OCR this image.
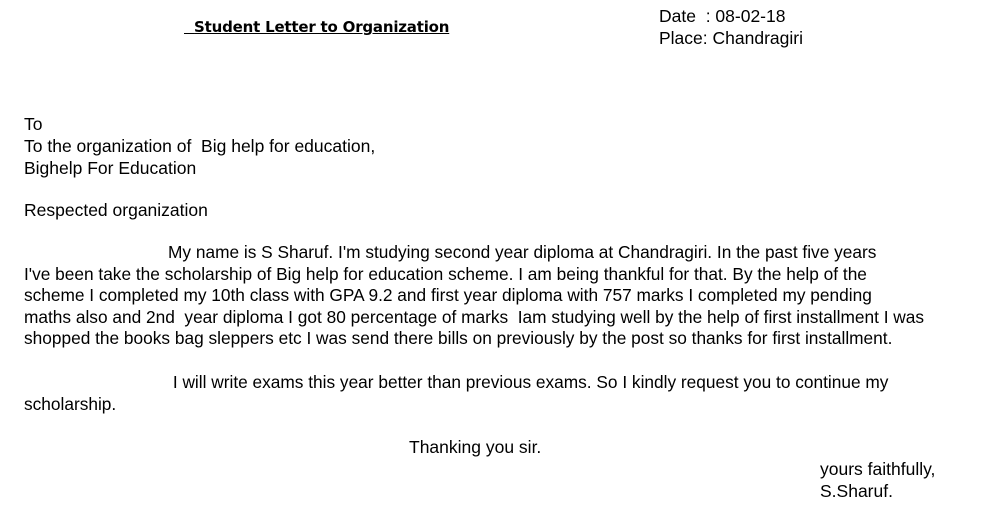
Student Letter to Organization
Date  : 08-02-18
Place: Chandragiri
To
To the organization of  Big help for education,
Bighelp For Education
Respected organization
My name is S Sharuf. I'm studying second year diploma at Chandragiri. In the past five years
I've been take the scholarship of Big help for education scheme. I am being thankful for that. By the help of the
scheme I completed my 10th class with GPA 9.2 and first year diploma with 757 marks I completed my pending
maths also and 2nd  year diploma I got 80 percentage of marks  Iam studying well by the help of first installment I was
shopped the books bag sleppers etc I was send there bills on previously by the post so thanks for first installment.
I will write exams this year better than previous exams. So I kindly request you to continue my
scholarship.
Thanking you sir.
yours faithfully,
S.Sharuf.
